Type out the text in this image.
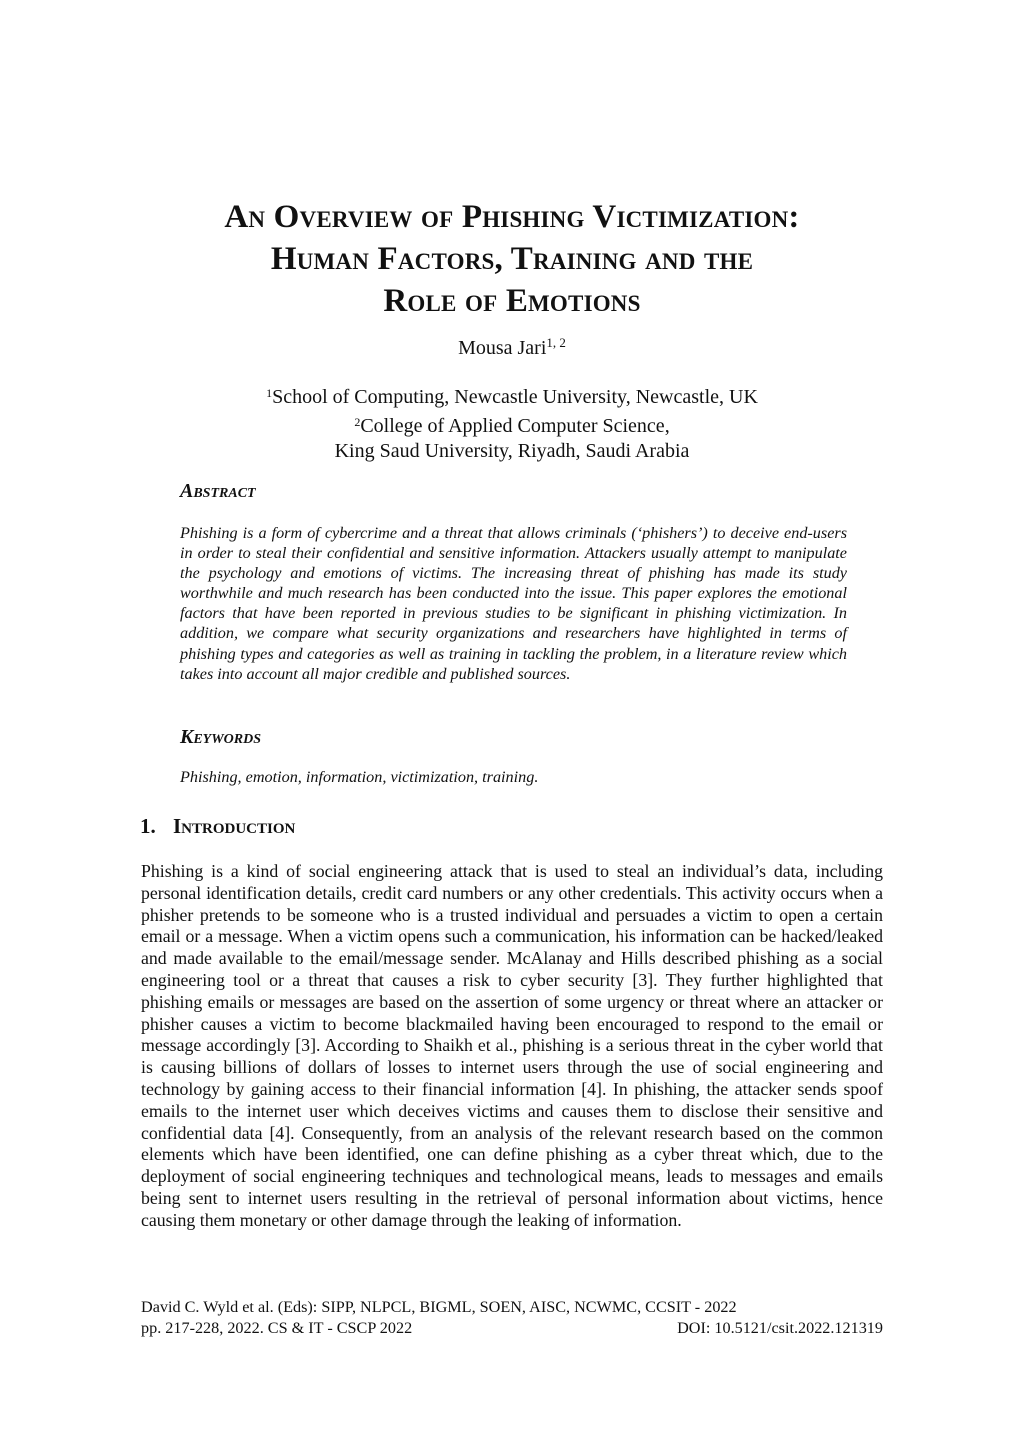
An Overview of Phishing Victimization:
Human Factors, Training and the
Role of Emotions
Mousa Jari$^{1, 2}$
$^1$School of Computing, Newcastle University, Newcastle, UK
$^2$College of Applied Computer Science,
King Saud University, Riyadh, Saudi Arabia
Abstract
Phishing is a form of cybercrime and a threat that allows criminals (‘phishers’) to deceive end-users in order to steal their confidential and sensitive information. Attackers usually attempt to manipulate the psychology and emotions of victims. The increasing threat of phishing has made its study worthwhile and much research has been conducted into the issue. This paper explores the emotional factors that have been reported in previous studies to be significant in phishing victimization. In addition, we compare what security organizations and researchers have highlighted in terms of phishing types and categories as well as training in tackling the problem, in a literature review which takes into account all major credible and published sources.
Keywords
Phishing, emotion, information, victimization, training.
1. Introduction
Phishing is a kind of social engineering attack that is used to steal an individual’s data, including personal identification details, credit card numbers or any other credentials. This activity occurs when a phisher pretends to be someone who is a trusted individual and persuades a victim to open a certain email or a message. When a victim opens such a communication, his information can be hacked/leaked and made available to the email/message sender. McAlanay and Hills described phishing as a social engineering tool or a threat that causes a risk to cyber security [3]. They further highlighted that phishing emails or messages are based on the assertion of some urgency or threat where an attacker or phisher causes a victim to become blackmailed having been encouraged to respond to the email or message accordingly [3]. According to Shaikh et al., phishing is a serious threat in the cyber world that is causing billions of dollars of losses to internet users through the use of social engineering and technology by gaining access to their financial information [4]. In phishing, the attacker sends spoof emails to the internet user which deceives victims and causes them to disclose their sensitive and confidential data [4]. Consequently, from an analysis of the relevant research based on the common elements which have been identified, one can define phishing as a cyber threat which, due to the deployment of social engineering techniques and technological means, leads to messages and emails being sent to internet users resulting in the retrieval of personal information about victims, hence causing them monetary or other damage through the leaking of information.
David C. Wyld et al. (Eds): SIPP, NLPCL, BIGML, SOEN, AISC, NCWMC, CCSIT - 2022
pp. 217-228, 2022. CS & IT - CSCP 2022	DOI: 10.5121/csit.2022.121319
